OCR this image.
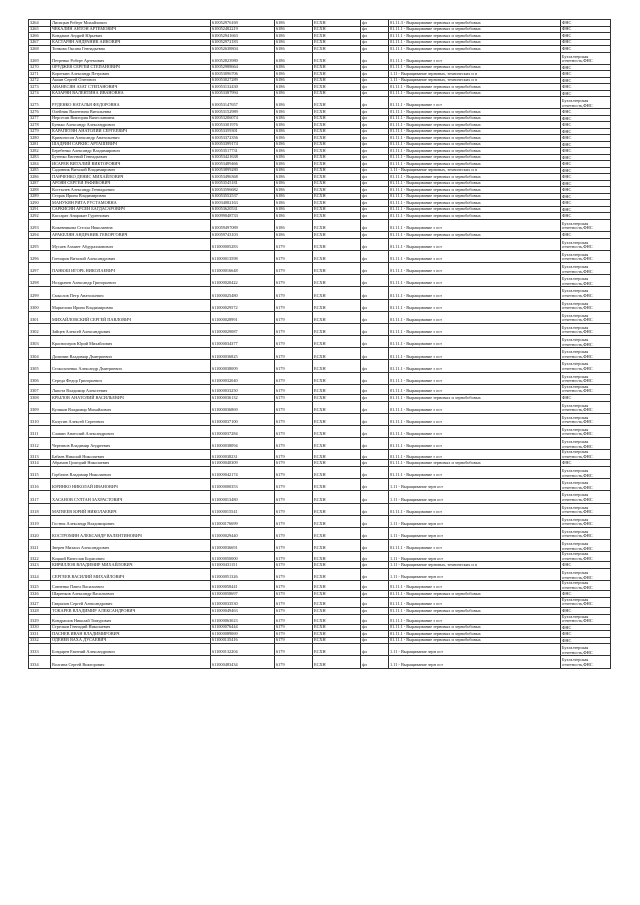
3264	Лисицын Роберт Михайлович	610052976169	6186	ЕСХН	фл	01.11.3 - Выращивание зерновых и зернобобовых	ФНС
3265	ЧЕКАЛИН АНТОН АРТЕМОВИЧ	610052482219	6186	ЕСХН	фл	01.11.1 - Выращивание зерновых и зернобобовых	ФНС
3266	Кондаков Андрей Юрьевич	610052941663	6186	ЕСХН	фл	01.11.1 - Выращивание зерновых и зернобобовых	ФНС
3267	КАСТАРЯН АНДРАНИК АЙКОВИЧ	610052972183	6186	ЕСХН	фл	01.11.1 - Выращивание зерновых и зернобобовых	ФНС
3268	Тонкова Оксана Геннадьевна	610052638804	6186	ЕСХН	фл	01.11.1 - Выращивание зерновых и зернобобовых	ФНС
3269	Петренко Роберт Артемович	610052823980	6186	ЕСХН	фл	01.11.1 - Выращивание з ост	Бухгалтерская отчетность,ФНС
3270	ОРУДЖЕВ СЕРГЕЙ СТЕПАНОВИЧ	610052988664	6186	ЕСХН	фл	01.11.1 - Выращивание зерновых и зернобобовых	ФНС
3271	Короткин Александр Петрович	610053096706	6186	ЕСХН	фл	1.11 - Выращивание зерновых, технических и п	ФНС
3272	Акоян Сергей Олегович	610053027289	6186	ЕСХН	фл	1.11 - Выращивание зерновых, технических и п	ФНС
3273	АВАНЕСЯН АЗАТ СТЕПАНОВИЧ	610053132430	6186	ЕСХН	фл	01.11.1 - Выращивание зерновых и зернобобовых	ФНС
3274	КАЗАРЯН ВАЛЕНТИНА ИВАНОВНА	610053387994	6186	ЕСХН	фл	01.11.1 - Выращивание зерновых и зернобобовых	ФНС
3275	РУДЕНКО НАТАЛЬЯ ФЕДОРОВНА	610053147657	6186	ЕСХН	фл	01.11.1 - Выращивание з ост	Бухгалтерская отчетность,ФНС
3276	Олейник Валентина Витальевна	610053152989	6186	ЕСХН	фл	01.11.1 - Выращивание зерновых и зернобобовых	ФНС
3277	Нерсесян Виктория Вячеславовна	610053206074	6186	ЕСХН	фл	01.11.1 - Выращивание зерновых и зернобобовых	ФНС
3278	Бунько Александр Александрович	610053301976	6186	ЕСХН	фл	01.11.1 - Выращивание зерновых и зернобобовых	ФНС
3279	КАРАПЕТЯН АНАТОЛИЙ СЕРГЕЕВИЧ	610053359301	6186	ЕСХН	фл	01.11.1 - Выращивание зерновых и зернобобовых	ФНС
3280	Кривоносов Александр Анатольевич	610053372356	6186	ЕСХН	фл	01.11.1 - Выращивание зерновых и зернобобовых	ФНС
3281	ШАДРИН САРКИС АРТАШЕВИЧ	610053399174	6186	ЕСХН	фл	01.11.1 - Выращивание зерновых и зернобобовых	ФНС
3282	Беребенко Александр Владимирович	610053517731	6186	ЕСХН	фл	01.11.1 - Выращивание зерновых и зернобобовых	ФНС
3283	Бутенко Евгений Геннадьевич	610053421638	6186	ЕСХН	фл	01.11.1 - Выращивание зерновых и зернобобовых	ФНС
3284	ИСАРЕВ ВИТАЛИЙ ВИКТОРОВИЧ	610053489466	6186	ЕСХН	фл	01.11.1 - Выращивание зерновых и зернобобовых	ФНС
3285	Садовник Виталий Владимирович	610053899280	6186	ЕСХН	фл	1.11 - Выращивание зерновых, технических и п	ФНС
3286	ПАНЧЕНКО ДЕНИС МИХАЙЛОВИЧ	610053496368	6186	ЕСХН	фл	01.11.1 - Выращивание зерновых и зернобобовых	ФНС
3287	АРОЯН СЕРГЕЙ РАФИКОВИЧ	610053545181	6186	ЕСХН	фл	01.11.1 - Выращивание зерновых и зернобобовых	ФНС
3288	Костылев Александр Геннадьевич	610053596682	6186	ЕСХН	фл	01.11.1 - Выращивание зерновых и зернобобовых	ФНС
3289	Сторак Ирина Владимировна	610053552537	6186	ЕСХН	фл	01.11.1 - Выращивание зерновых и зернобобовых	ФНС
3290	МАНУКЯН РИТА РУСТАМОВНА	610034082163	6186	ЕСХН	фл	01.11.1 - Выращивание зерновых и зернобобовых	ФНС
3291	САРКИСЯН АРСЕН БАГДАСАРОВИЧ	610053620531	6186	ЕСХН	фл	01.11.1 - Выращивание зерновых и зернобобовых	ФНС
3292	Кассарат Анаракит Гургенович	610099048733	6186	ЕСХН	фл	01.11.1 - Выращивание зерновых и зернобобовых	ФНС
3293	Кожевникова Стелла Николаевна	610059497089	6186	ЕСХН	фл	01.11.1 - Выращивание з ост	Бухгалтерская отчетность,ФНС
3294	АРАКЕЛЯН АНДРАНИК ГЕВОРГОВИЧ	610059743103	6186	ЕСХН	фл	01.11.1 - Выращивание зерновых и зернобобовых	ФНС
3295	Мусаев Ахмиет Абдурахманович	611000005283	6179	ЕСХН	фл	01.11.1 - Выращивание з ост	Бухгалтерская отчетность,ФНС
3296	Гончаров Виталий Александрович	611000013598	6179	ЕСХН	фл	01.11.1 - Выращивание з ост	Бухгалтерская отчетность,ФНС
3297	ПАНЮШ ИГОРЬ НИКОЛАЕВИЧ	611000016648	6179	ЕСХН	фл	01.11.1 - Выращивание з ост	Бухгалтерская отчетность,ФНС
3298	Ноздрачев Александр Григорьевич	611000020422	6179	ЕСХН	фл	01.11.1 - Выращивание з ост	Бухгалтерская отчетность,ФНС
3299	Смыслов Петр Анатольевич	611000025480	6179	ЕСХН	фл	01.11.1 - Выращивание з ост	Бухгалтерская отчетность,ФНС
3300	Маркелова Ирина Владимировна	611000029572	6179	ЕСХН	фл	01.11.1 - Выращивание з ост	Бухгалтерская отчетность,ФНС
3301	МИХАЙЛОВСКИЙ СЕРГЕЙ ПАВЛОВИЧ	611000028991	6179	ЕСХН	фл	01.11.1 - Выращивание з ост	Бухгалтерская отчетность,ФНС
3302	Зайцев Алексей Александрович	611000029087	6179	ЕСХН	фл	01.11.1 - Выращивание з ост	Бухгалтерская отчетность,ФНС
3303	Красноперов Юрий Михайлович	611000034377	6179	ЕСХН	фл	01.11.1 - Выращивание з ост	Бухгалтерская отчетность,ФНС
3304	Долинин Владимир Дмитриевич	611000036825	6179	ЕСХН	фл	01.11.1 - Выращивание з ост	Бухгалтерская отчетность,ФНС
3305	Стоколоченко Александр Дмитриевич	611000038009	6179	ЕСХН	фл	01.11.1 - Выращивание з ост	Бухгалтерская отчетность,ФНС
3306	Середа Федор Григорьевич	611000032040	6179	ЕСХН	фл	01.11.1 - Выращивание з ост	Бухгалтерская отчетность,ФНС
3307	Ляпота Владимир Алексеевич	611000033250	6179	ЕСХН	фл	01.11.1 - Выращивание з ост	Бухгалтерская отчетность,ФНС
3308	КРЫЛОВ АНАТОЛИЙ ВАСИЛЬЕВИЧ	611000036132	6179	ЕСХН	фл	01.11.1 - Выращивание зерновых и зернобобовых	ФНС
3309	Куликов Владимир Михайлович	611000036869	6179	ЕСХН	фл	01.11.1 - Выращивание з ост	Бухгалтерская отчетность,ФНС
3310	Калугин Алексей Сергеевич	611000037100	6179	ЕСХН	фл	01.11.1 - Выращивание з ост	Бухгалтерская отчетность,ФНС
3311	Славин Анатолий Александрович	611000037284	6179	ЕСХН	фл	01.11.1 - Выращивание з ост	Бухгалтерская отчетность,ФНС
3312	Черепнов Владимир Андреевич	611000038094	6179	ЕСХН	фл	01.11.1 - Выращивание з ост	Бухгалтерская отчетность,ФНС
3313	Бабаев Николай Николаевич	611000038231	6179	ЕСХН	фл	01.11.1 - Выращивание з ост	Бухгалтерская отчетность,ФНС
3314	Абрамов Григорий Николаевич	611000040309	6179	ЕСХН	фл	01.11.1 - Выращивание зерновых и зернобобовых	ФНС
3315	Горбатов Владимир Николаевич	611000042174	6179	ЕСХН	фл	01.11.1 - Выращивание з ост	Бухгалтерская отчетность,ФНС
3316	ЮРИНКО НИКОЛАЙ ИВАНОВИЧ	611000000353	6179	ЕСХН	фл	1.11 - Выращивание зерн ост	Бухгалтерская отчетность,ФНС
3317	ХАСАНОВ СУЛТАН ЗАХРАСТОВИЧ	611000013480	6179	ЕСХН	фл	1.11 - Выращивание зерн ост	Бухгалтерская отчетность,ФНС
3318	МАТВЕЕВ ЮРИЙ НИКОЛАЕВИЧ	611000015541	6179	ЕСХН	фл	01.11.1 - Выращивание з ост	Бухгалтерская отчетность,ФНС
3319	Гостюк Александр Владимирович	611000176699	6179	ЕСХН	фл	1.11 - Выращивание зерн ост	Бухгалтерская отчетность,ФНС
3320	КОСТРОМИН АЛЕКСАНДР ВАЛЕНТИНОВИЧ	611000029440	6179	ЕСХН	фл	1.11 - Выращивание зерн ост	Бухгалтерская отчетность,ФНС
3321	Зверев Михаил Александрович	611000036691	6179	ЕСХН	фл	01.11.1 - Выращивание з ост	Бухгалтерская отчетность,ФНС
3322	Коцкий Вячеслав Борисович	611000050000	6179	ЕСХН	фл	1.11 - Выращивание зерн ост	Бухгалтерская отчетность,ФНС
3323	КИРИЛЛОВ ВЛАДИМИР МИХАЙЛОВИЧ	611000431151	6179	ЕСХН	фл	1.11 - Выращивание зерновых, технических и п	ФНС
3324	СЕРГЕЕВ ВАСИЛИЙ МИХАЙЛОВИЧ	611000051326	6179	ЕСХН	фл	1.11 - Выращивание зерн ост	Бухгалтерская отчетность,ФНС
3325	Савченко Павел Васильевич	611000058441	6179	ЕСХН	фл	01.11.1 - Выращивание з ост	Бухгалтерская отчетность,ФНС
3326	Шаренков Александр Васильевич	611000058697	6179	ЕСХН	фл	01.11.1 - Выращивание зерновых и зернобобовых	ФНС
3327	Гаврилов Сергей Александрович	611000033530	6179	ЕСХН	фл	01.11.1 - Выращивание з ост	Бухгалтерская отчетность,ФНС
3328	ТОКАРЕВ ВЛАДИМИР АЛЕКСАНДРОВИЧ	611000049463	6179	ЕСХН	фл	01.11.1 - Выращивание зерновых и зернобобовых	ФНС
3329	Кондрашов Николай Тимурович	611000063023	6179	ЕСХН	фл	01.11.1 - Выращивание з ост	Бухгалтерская отчетность,ФНС
3330	Стрелков Геннадий Николаевич	611000076444	6179	ЕСХН	фл	01.11.1 - Выращивание зерновых и зернобобовых	ФНС
3331	ПАСНЕВ ИВАН ВЛАДИМИРОВИЧ	611000089069	6179	ЕСХН	фл	01.11.1 - Выращивание зерновых и зернобобовых	ФНС
3332	ОДЕНЕВ ВАХА ДУСАЕВИЧ	611000135416	6179	ЕСХН	фл	01.11.1 - Выращивание зерновых и зернобобовых	ФНС
3333	Бондарев Евгений Александрович	611000132204	6179	ЕСХН	фл	1.11 - Выращивание зерн ост	Бухгалтерская отчетность,ФНС
3334	Волгина Сергей Викторович	611000483434	6179	ЕСХН	фл	1.11 - Выращивание зерн ост	Бухгалтерская отчетность,ФНС
